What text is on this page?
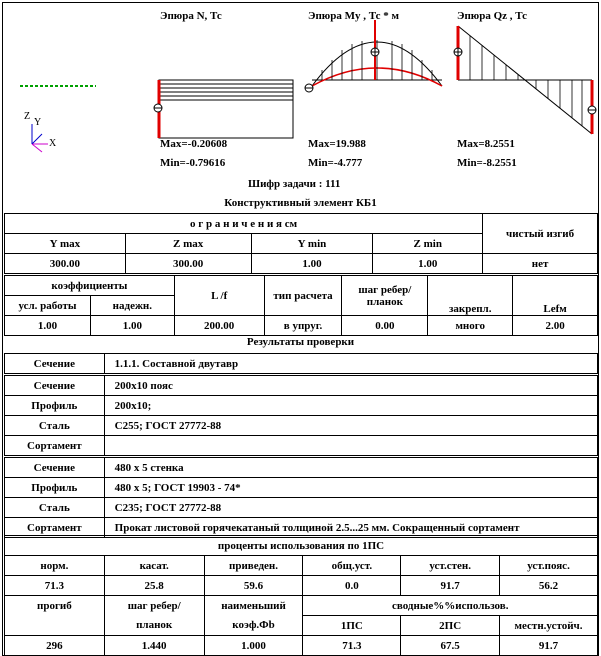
Эпюра N, Тс	Эпюра My , Тс * м	Эпюра Qz , Тс
Z
Y
X	Max=-0.20608
Min=-0.79616
Max=19.988
Min=-4.777
Max=8.2551
Min=-8.2551
Шифр задачи : 111
Конструктивный элемент КБ1
о г р а н и ч е н и я см				чистый изгиб
Y max	Z max	Y min	Z min	
300.00	300.00	1.00	1.00	нет
коэффициенты		L /f	тип расчета	шаг ребер/ планок	закрепл.	Lefм
усл. работы	надежн.					
1.00	1.00	200.00	в упруг.	0.00	много	2.00
Результаты проверки
Сечение	1.1.1. Составной двутавр
Сечение	200x10 пояс
Профиль	200x10;
Сталь	С255; ГОСТ 27772-88
Сортамент	
Сечение	480 x 5 стенка
Профиль	480 x 5; ГОСТ 19903 - 74*
Сталь	С235; ГОСТ 27772-88
Сортамент	Прокат листовой горячекатаный толщиной 2.5...25 мм. Сокращенный сортамент
проценты использования по 1ПС					
норм.	касат.	приведен.	общ.уст.	уст.стен.	уст.пояс.
71.3	25.8	59.6	0.0	91.7	56.2
прогиб	шаг ребер/	наименьший	сводные%%использов.		
	планок	коэф.Фb	1ПС	2ПС	местн.устойч.
296	1.440	1.000	71.3	67.5	91.7
